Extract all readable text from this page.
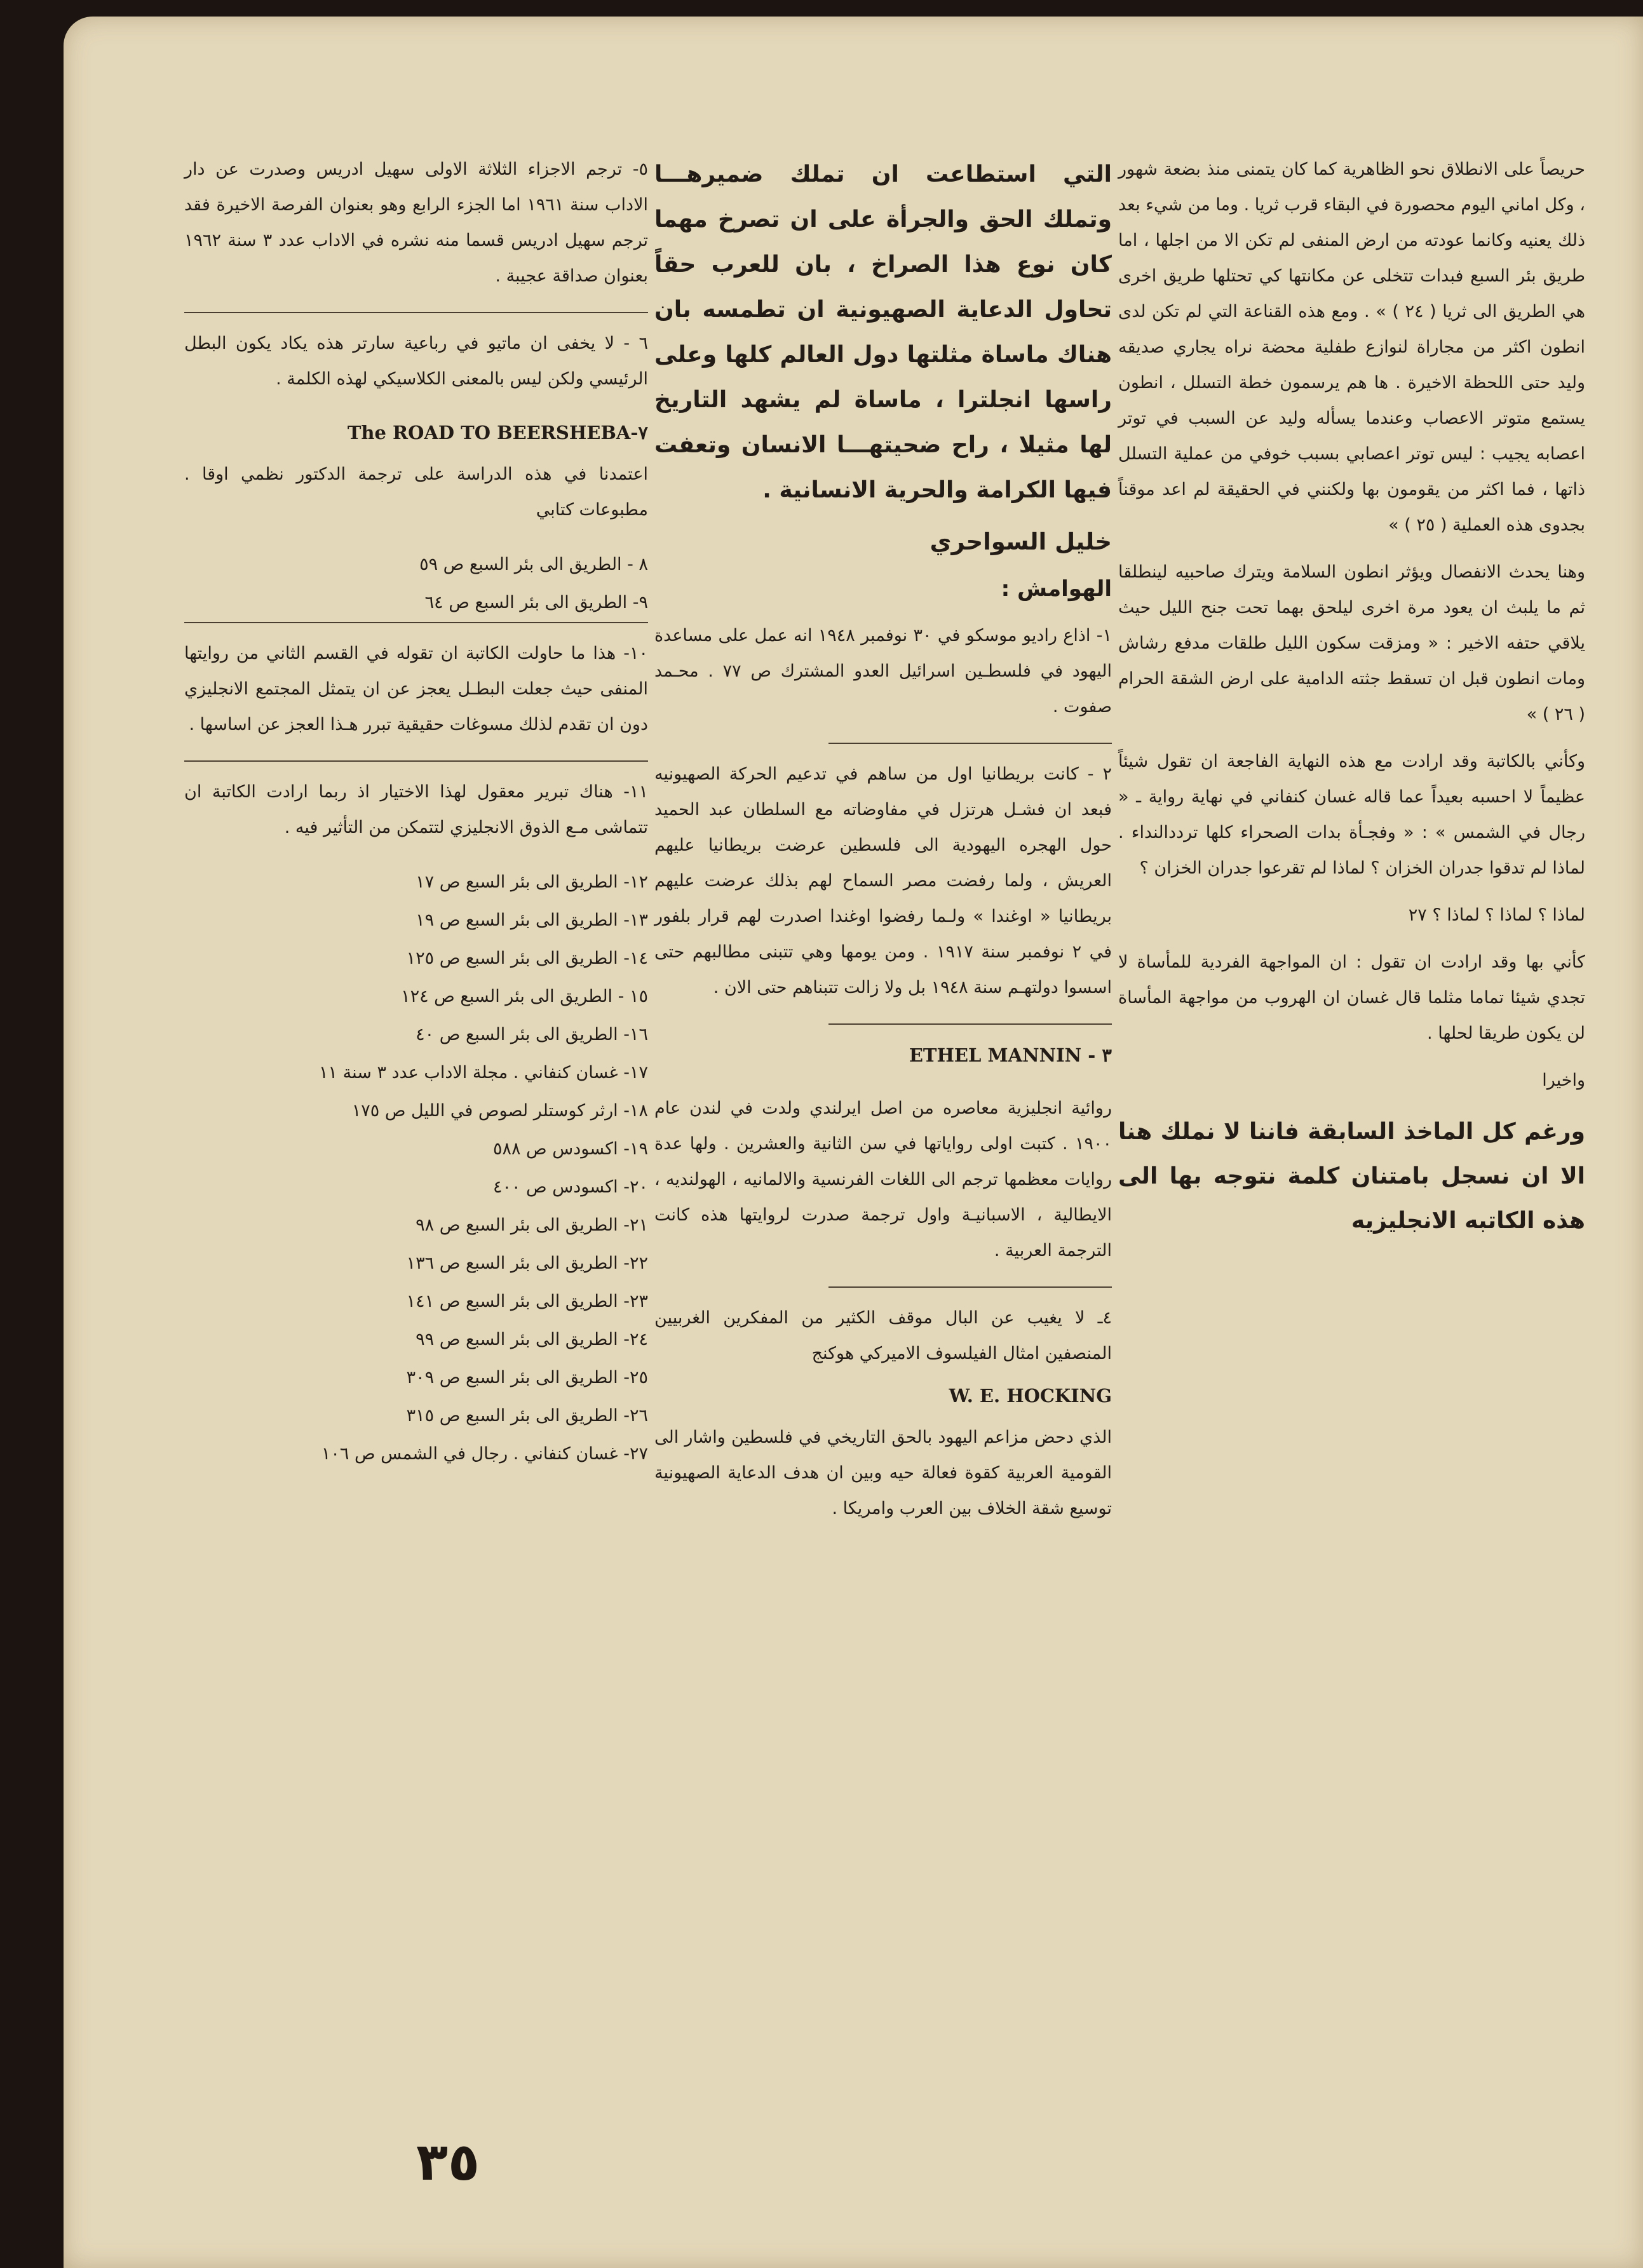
حريصاً على الانطلاق نحو الظاهرية كما كان يتمنى منذ بضعة شهور ، وكل اماني اليوم محصورة في البقاء قرب ثريا . وما من شيء بعد ذلك يعنيه وكانما عودته من ارض المنفى لم تكن الا من اجلها ، اما طريق بئر السبع فبدات تتخلى عن مكانتها كي تحتلها طريق اخرى هي الطريق الى ثريا ( ٢٤ ) » . ومع هذه القناعة التي لم تكن لدى انطون اكثر من مجاراة لنوازع طفلية محضة نراه يجاري صديقه وليد حتى اللحظة الاخيرة . ها هم يرسمون خطة التسلل ، انطون يستمع متوتر الاعصاب وعندما يسأله وليد عن السبب في توتر اعصابه يجيب : ليس توتر اعصابي بسبب خوفي من عملية التسلل ذاتها ، فما اكثر من يقومون بها ولكنني في الحقيقة لم اعد موقناً بجدوى هذه العملية ( ٢٥ ) »

وهنا يحدث الانفصال ويؤثر انطون السلامة ويترك صاحبيه لينطلقا ثم ما يلبث ان يعود مرة اخرى ليلحق بهما تحت جنح الليل حيث يلاقي حتفه الاخير : « ومزقت سكون الليل طلقات مدفع رشاش ومات انطون قبل ان تسقط جثته الدامية على ارض الشقة الحرام ( ٢٦ ) »

وكأني بالكاتبة وقد ارادت مع هذه النهاية الفاجعة ان تقول شيئاً عظيماً لا احسبه بعيداً عما قاله غسان كنفاني في نهاية رواية ـ « رجال في الشمس » : « وفجـأة بدات الصحراء كلها ترددالنداء . لماذا لم تدقوا جدران الخزان ؟ لماذا لم تقرعوا جدران الخزان ؟

لماذا ؟ لماذا ؟ لماذا ؟ ٢٧

كأني بها وقد ارادت ان تقول : ان المواجهة الفردية للمأساة لا تجدي شيئا تماما مثلما قال غسان ان الهروب من مواجهة المأساة لن يكون طريقا لحلها .

واخيرا

ورغم كل الماخذ السابقة فاننا لا نملك هنا الا ان نسجل بامتنان كلمة نتوجه بها الى هذه الكاتبه الانجليزيه

التي استطاعت ان تملك ضميرهـــا وتملك الحق والجرأة على ان تصرخ مهما كان نوع هذا الصراخ ، بان للعرب حقاً تحاول الدعاية الصهيونية ان تطمسه بان هناك ماساة مثلتها دول العالم كلها وعلى راسها انجلترا ، ماساة لم يشهد التاريخ لها مثيلا ، راح ضحيتهـــا الانسان وتعفت فيها الكرامة والحرية الانسانية .

خليل السواحري

الهوامش :

١- اذاع راديو موسكو في ٣٠ نوفمبر ١٩٤٨ انه عمل على مساعدة اليهود في فلسطـين اسرائيل العدو المشترك ص ٧٧ . محـمد صفوت .

٢ - كانت بريطانيا اول من ساهم في تدعيم الحركة الصهيونيه فبعد ان فشـل هرتزل في مفاوضاته مع السلطان عبد الحميد حول الهجره اليهودية الى فلسطين عرضت بريطانيا عليهم العريش ، ولما رفضت مصر السماح لهم بذلك عرضت عليهم بريطانيا « اوغندا » ولـما رفضوا اوغندا اصدرت لهم قرار بلفور في ٢ نوفمبر سنة ١٩١٧ . ومن يومها وهي تتبنى مطالبهم حتى اسسوا دولتهـم سنة ١٩٤٨ بل ولا زالت تتبناهم حتى الان .

ETHEL MANNIN - ٣

روائية انجليزية معاصره من اصل ايرلندي ولدت في لندن عام ١٩٠٠ . كتبت اولى رواياتها في سن الثانية والعشرين . ولها عدة روايات معظمها ترجم الى اللغات الفرنسية والالمانيه ، الهولنديه ، الايطالية ، الاسبانيـة واول ترجمة صدرت لروايتها هذه كانت الترجمة العربية .

٤ـ لا يغيب عن البال موقف الكثير من المفكرين الغربيين المنصفين امثال الفيلسوف الاميركي هوكنج

W. E. HOCKING

الذي دحض مزاعم اليهود بالحق التاريخي في فلسطين واشار الى القومية العربية كقوة فعالة حيه وبين ان هدف الدعاية الصهيونية توسيع شقة الخلاف بين العرب وامريكا .

٥- ترجم الاجزاء الثلاثة الاولى سهيل ادريس وصدرت عن دار الاداب سنة ١٩٦١ اما الجزء الرابع وهو بعنوان الفرصة الاخيرة فقد ترجم سهيل ادريس قسما منه نشره في الاداب عدد ٣ سنة ١٩٦٢ بعنوان صداقة عجيبة .

٦ - لا يخفى ان ماتيو في رباعية سارتر هذه يكاد يكون البطل الرئيسي ولكن ليس بالمعنى الكلاسيكي لهذه الكلمة .

The ROAD TO BEERSHEBA-٧

اعتمدنا في هذه الدراسة على ترجمة الدكتور نظمي اوقا . مطبوعات كتابي

٨ - الطريق الى بئر السبع ص ٥٩
٩- الطريق الى بئر السبع ص ٦٤

١٠- هذا ما حاولت الكاتبة ان تقوله في القسم الثاني من روايتها المنفى حيث جعلت البطـل يعجز عن ان يتمثل المجتمع الانجليزي دون ان تقدم لذلك مسوغات حقيقية تبرر هـذا العجز عن اساسها .

١١- هناك تبرير معقول لهذا الاختيار اذ ربما ارادت الكاتبة ان تتماشى مـع الذوق الانجليزي لتتمكن من التأثير فيه .

١٢- الطريق الى بئر السبع ص ١٧
١٣- الطريق الى بئر السبع ص ١٩
١٤- الطريق الى بئر السبع ص ١٢٥
١٥ - الطريق الى بئر السبع ص ١٢٤
١٦- الطريق الى بئر السبع ص ٤٠
١٧- غسان كنفاني . مجلة الاداب عدد ٣ سنة ١١
١٨- ارثر كوستلر لصوص في الليل ص ١٧٥
١٩- اكسودس ص ٥٨٨
٢٠- اكسودس ص ٤٠٠
٢١- الطريق الى بئر السبع ص ٩٨
٢٢- الطريق الى بئر السبع ص ١٣٦
٢٣- الطريق الى بئر السبع ص ١٤١
٢٤- الطريق الى بئر السبع ص ٩٩
٢٥- الطريق الى بئر السبع ص ٣٠٩
٢٦- الطريق الى بئر السبع ص ٣١٥
٢٧- غسان كنفاني . رجال في الشمس ص ١٠٦
٣٥
